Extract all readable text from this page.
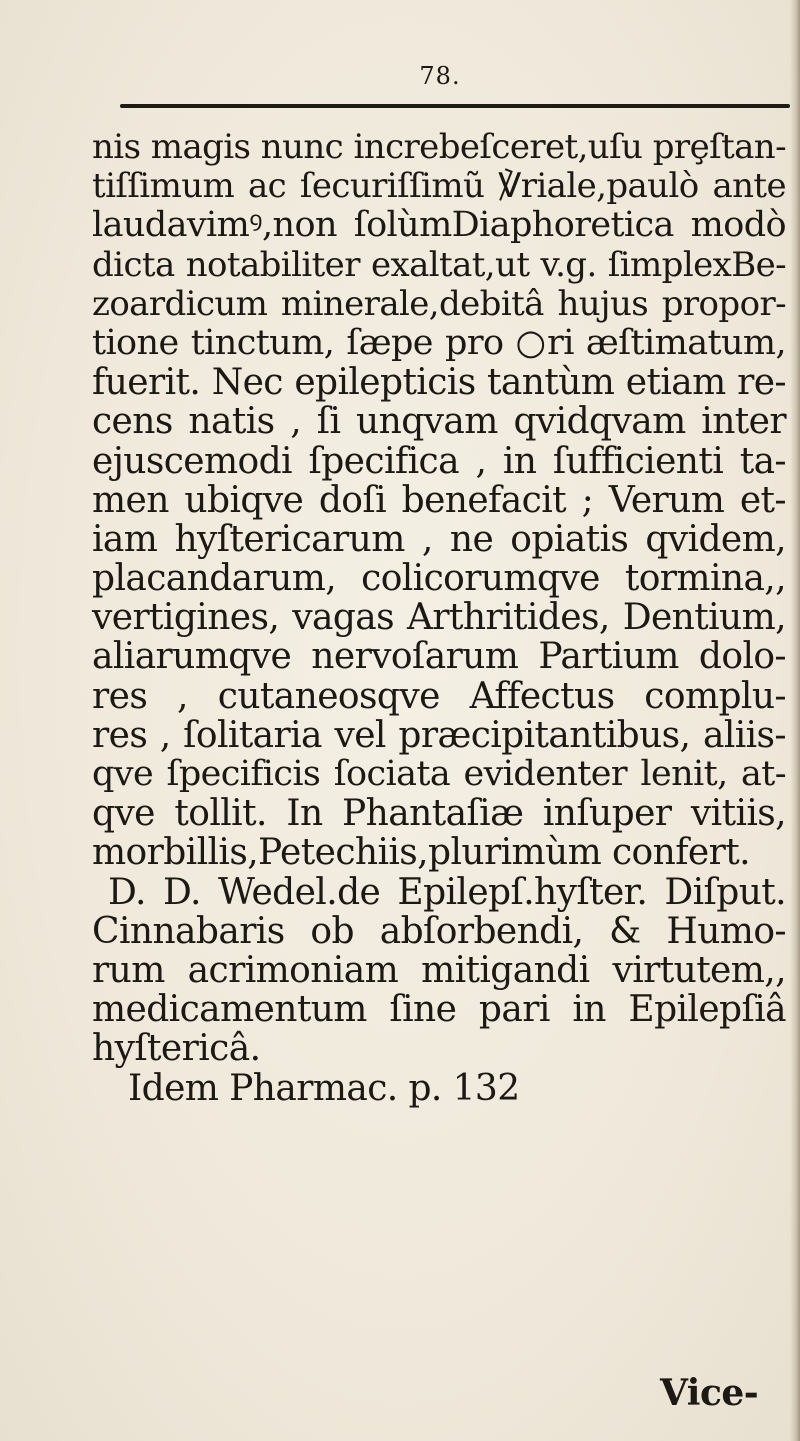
78.
nis magis nunc increbeſceret,uſu prȩſtan-
tiſſimum ac ſecuriſſimũ ℣riale,paulò ante
laudavimꝰ,non ſolùmDiaphoretica modò
dicta notabiliter exaltat,ut v.g. ſimplexBe-
zoardicum minerale,debitâ hujus propor-
tione tinctum, ſæpe pro ○ri æſtimatum,
fuerit. Nec epilepticis tantùm etiam re-
cens natis , ſi unqvam qvidqvam inter
ejuscemodi ſpecifica , in ſufficienti ta-
men ubiqve doſi benefacit ; Verum et-
iam hyſtericarum , ne opiatis qvidem,
placandarum, colicorumqve tormina,,
vertigines, vagas Arthritides, Dentium,
aliarumqve nervoſarum Partium dolo-
res , cutaneosqve Affectus complu-
res , ſolitaria vel præcipitantibus, aliis-
qve ſpecificis ſociata evidenter lenit, at-
qve tollit. In Phantaſiæ inſuper vitiis,
morbillis,Petechiis,plurimùm confert.
D. D. Wedel.de Epilepſ.hyſter. Diſput.
Cinnabaris ob abſorbendi, & Humo-
rum acrimoniam mitigandi virtutem,,
medicamentum ſine pari in Epilepſiâ
hyſtericâ.
Idem Pharmac. p. 132
Vice-
